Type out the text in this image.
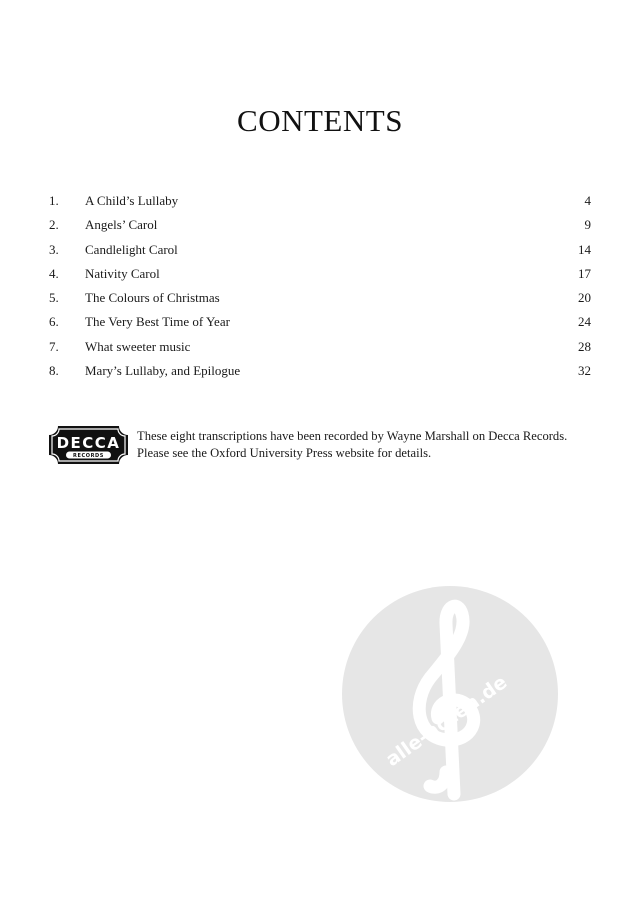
CONTENTS
1. A Child’s Lullaby	4
2. Angels’ Carol	9
3. Candlelight Carol	14
4. Nativity Carol	17
5. The Colours of Christmas	20
6. The Very Best Time of Year	24
7. What sweeter music	28
8. Mary’s Lullaby, and Epilogue	32
DECCA
RECORDS
These eight transcriptions have been recorded by Wayne Marshall on Decca Records.
Please see the Oxford University Press website for details.
alle-noten.de
